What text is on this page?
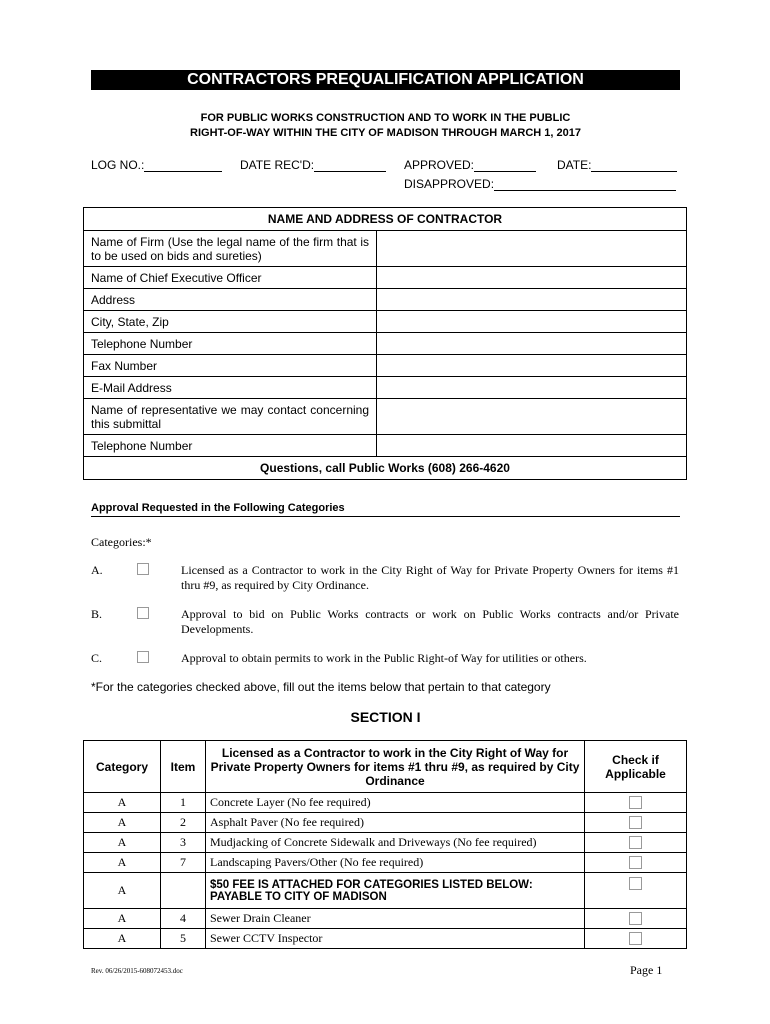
CONTRACTORS PREQUALIFICATION APPLICATION
FOR PUBLIC WORKS CONSTRUCTION AND TO WORK IN THE PUBLIC
RIGHT-OF-WAY WITHIN THE CITY OF MADISON THROUGH MARCH 1, 2017
LOG NO.:	DATE REC'D:	APPROVED:	DATE:
DISAPPROVED:
NAME AND ADDRESS OF CONTRACTOR	
Name of Firm (Use the legal name of the firm that is to be used on bids and sureties)	
Name of Chief Executive Officer	
Address	
City, State, Zip	
Telephone Number	
Fax Number	
E-Mail Address	
Name of representative we may contact concerning this submittal	
Telephone Number	
Questions, call Public Works (608) 266-4620	
Approval Requested in the Following Categories
Categories:*
A.	Licensed as a Contractor to work in the City Right of Way for Private Property Owners for items #1 thru #9, as required by City Ordinance.
B.	Approval to bid on Public Works contracts or work on Public Works contracts and/or Private Developments.
C.	Approval to obtain permits to work in the Public Right-of Way for utilities or others.
*For the categories checked above, fill out the items below that pertain to that category
SECTION I
Category	Item	Licensed as a Contractor to work in the City Right of Way for Private Property Owners for items #1 thru #9, as required by City Ordinance	Check if Applicable
A	1	Concrete Layer (No fee required)	

A	2	Asphalt Paver (No fee required)	

A	3	Mudjacking of Concrete Sidewalk and Driveways (No fee required)	

A	7	Landscaping Pavers/Other (No fee required)	

A		$50 FEE IS ATTACHED FOR CATEGORIES LISTED BELOW: PAYABLE TO CITY OF MADISON	

A	4	Sewer Drain Cleaner	

A	5	Sewer CCTV Inspector	
Rev. 06/26/2015-608072453.doc	Page 1
